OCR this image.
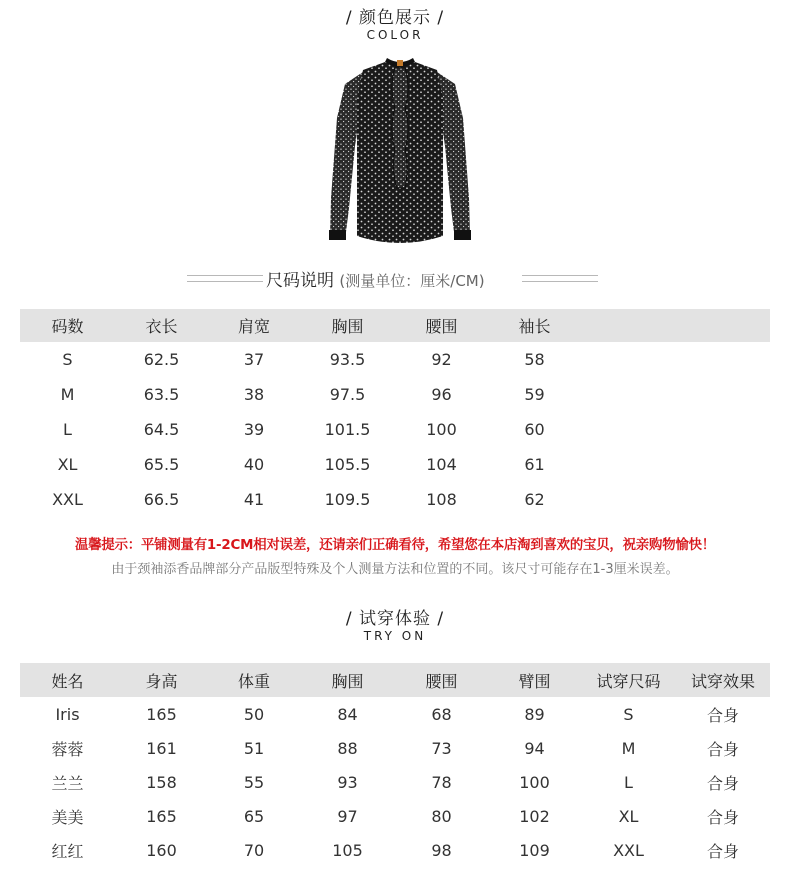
/ 颜色展示 /
COLOR
尺码说明 (测量单位：厘米/CM)
码数	衣长	肩宽	胸围	腰围	袖长	
S	62.5	37	93.5	92	58	
M	63.5	38	97.5	96	59	
L	64.5	39	101.5	100	60	
XL	65.5	40	105.5	104	61	
XXL	66.5	41	109.5	108	62	
温馨提示：平铺测量有1-2CM相对误差，还请亲们正确看待，希望您在本店淘到喜欢的宝贝，祝亲购物愉快！
由于颈袖添香品牌部分产品版型特殊及个人测量方法和位置的不同。该尺寸可能存在1-3厘米误差。
/ 试穿体验 /
TRY ON
姓名	身高	体重	胸围	腰围	臂围	试穿尺码	试穿效果
Iris	165	50	84	68	89	S	合身
蓉蓉	161	51	88	73	94	M	合身
兰兰	158	55	93	78	100	L	合身
美美	165	65	97	80	102	XL	合身
红红	160	70	105	98	109	XXL	合身
